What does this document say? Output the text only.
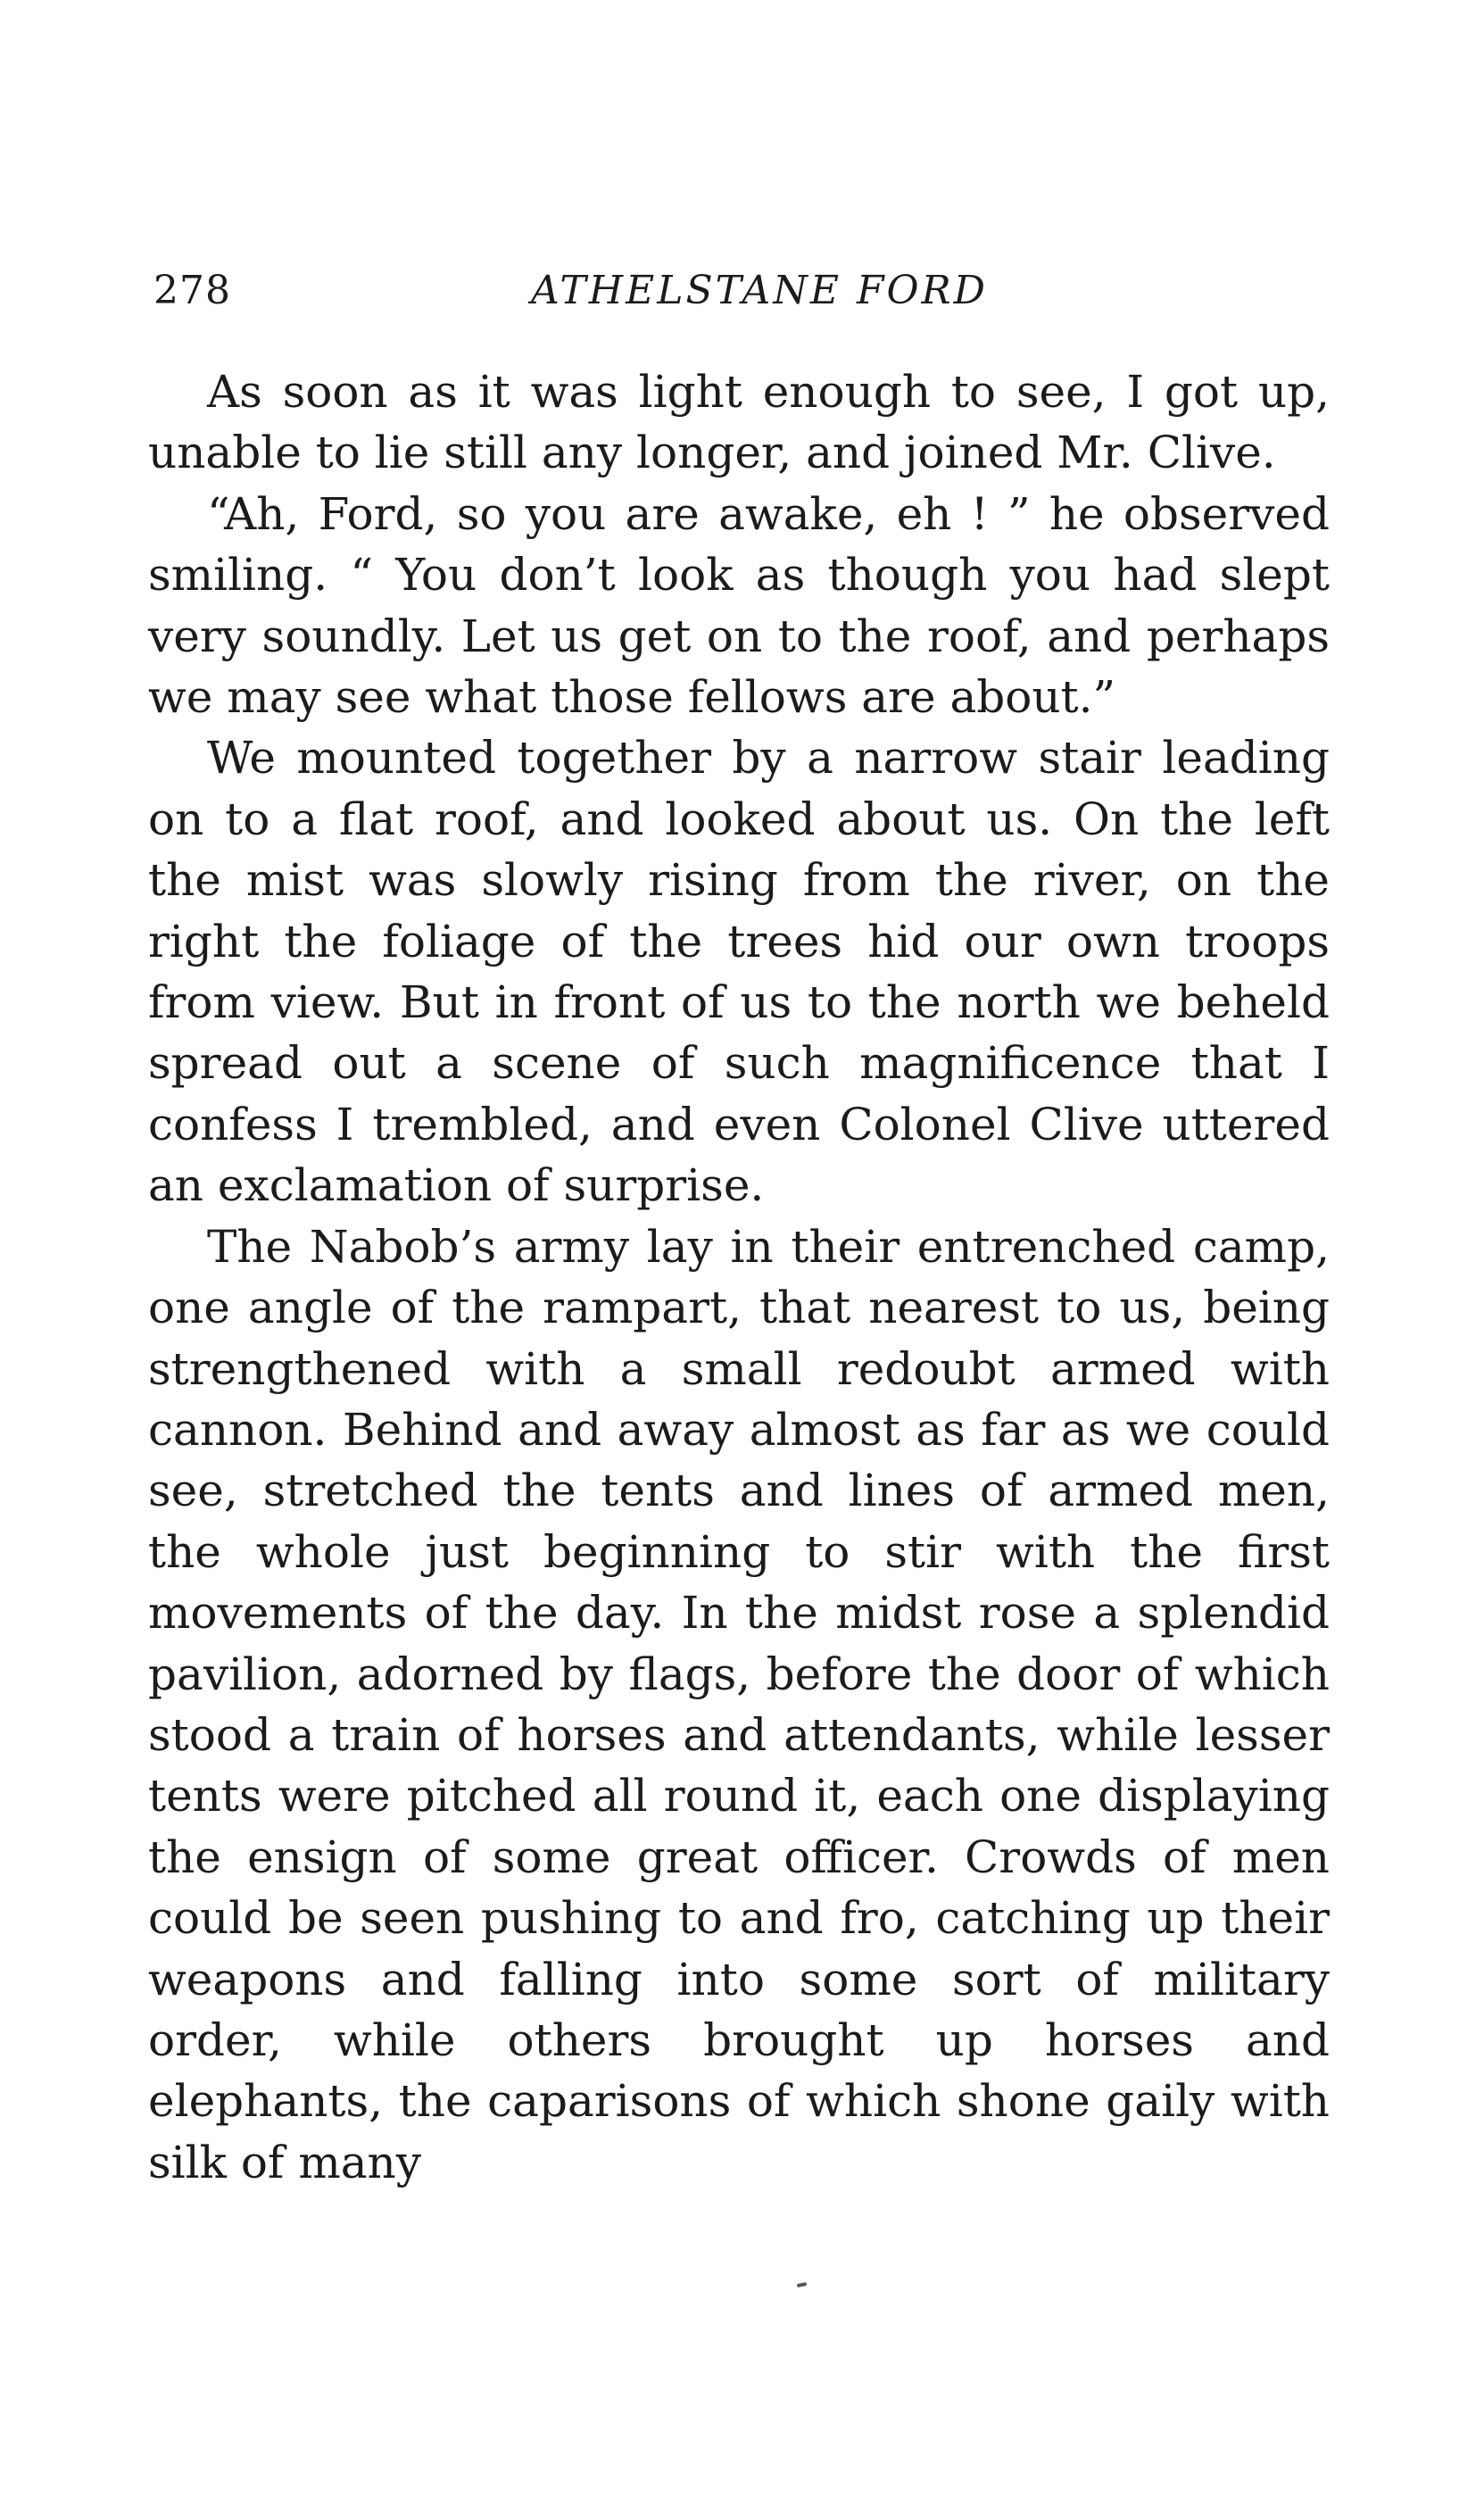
278	ATHELSTANE FORD

As soon as it was light enough to see, I got up, unable to lie still any longer, and joined Mr. Clive.

“Ah, Ford, so you are awake, eh ! ” he observed smiling. “ You don’t look as though you had slept very soundly. Let us get on to the roof, and perhaps we may see what those fellows are about.”

We mounted together by a narrow stair leading on to a flat roof, and looked about us. On the left the mist was slowly rising from the river, on the right the foliage of the trees hid our own troops from view. But in front of us to the north we beheld spread out a scene of such magnificence that I confess I trembled, and even Colonel Clive uttered an exclamation of surprise.

The Nabob’s army lay in their entrenched camp, one angle of the rampart, that nearest to us, being strengthened with a small redoubt armed with cannon. Behind and away almost as far as we could see, stretched the tents and lines of armed men, the whole just beginning to stir with the first movements of the day. In the midst rose a splendid pavilion, adorned by flags, before the door of which stood a train of horses and attendants, while lesser tents were pitched all round it, each one displaying the ensign of some great officer. Crowds of men could be seen pushing to and fro, catching up their weapons and falling into some sort of military order, while others brought up horses and elephants, the caparisons of which shone gaily with silk of many
